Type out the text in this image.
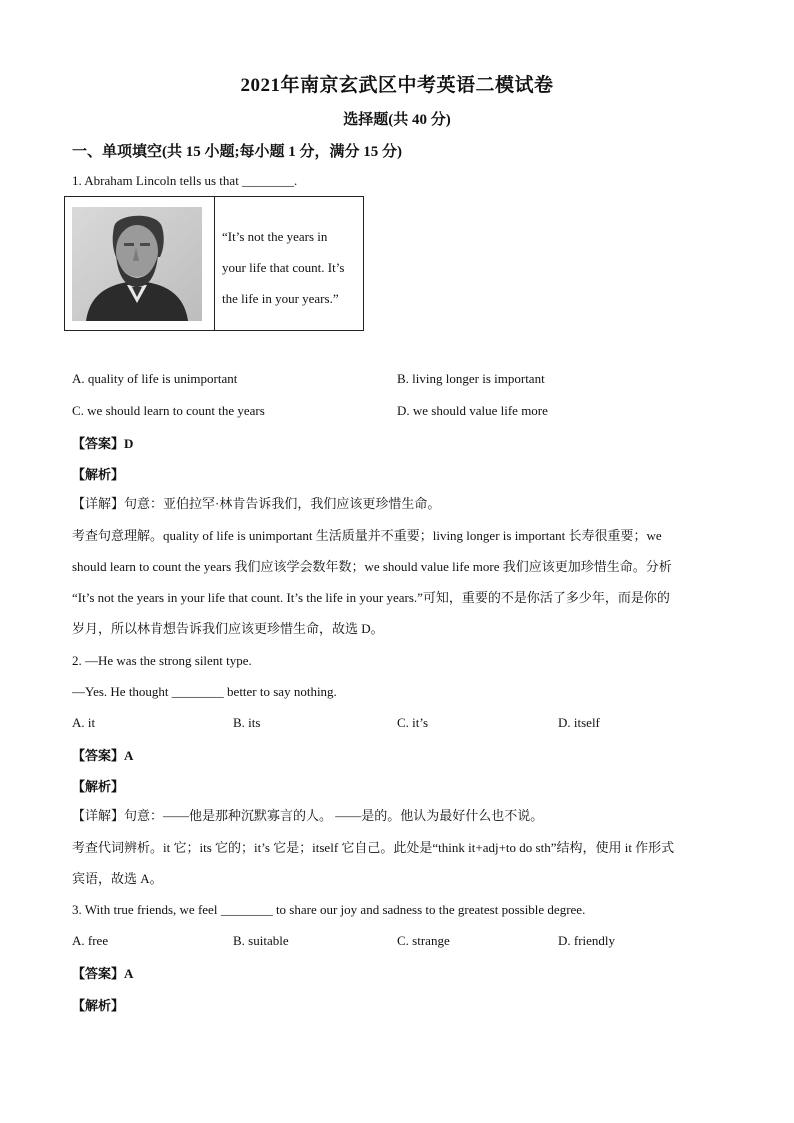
2021年南京玄武区中考英语二模试卷
选择题(共 40 分)
一、单项填空(共 15 小题;每小题 1 分，满分 15 分)
1. Abraham Lincoln tells us that ________.
“It’s not the years in
your life that count. It’s
the life in your years.”
A. quality of life is unimportant	B. living longer is important
C. we should learn to count the years	D. we should value life more
【答案】D
【解析】
【详解】句意：亚伯拉罕·林肯告诉我们，我们应该更珍惜生命。
考查句意理解。quality of life is unimportant 生活质量并不重要；living longer is important 长寿很重要；we
should learn to count the years 我们应该学会数年数；we should value life more 我们应该更加珍惜生命。分析
“It’s not the years in your life that count. It’s the life in your years.”可知，重要的不是你活了多少年，而是你的
岁月，所以林肯想告诉我们应该更珍惜生命，故选 D。
2. —He was the strong silent type.
—Yes. He thought ________ better to say nothing.
A. it	B. its	C. it’s	D. itself
【答案】A
【解析】
【详解】句意：——他是那种沉默寡言的人。 ——是的。他认为最好什么也不说。
考查代词辨析。it 它；its 它的；it’s 它是；itself 它自己。此处是“think it+adj+to do sth”结构，使用 it 作形式
宾语，故选 A。
3. With true friends, we feel ________ to share our joy and sadness to the greatest possible degree.
A. free	B. suitable	C. strange	D. friendly
【答案】A
【解析】
